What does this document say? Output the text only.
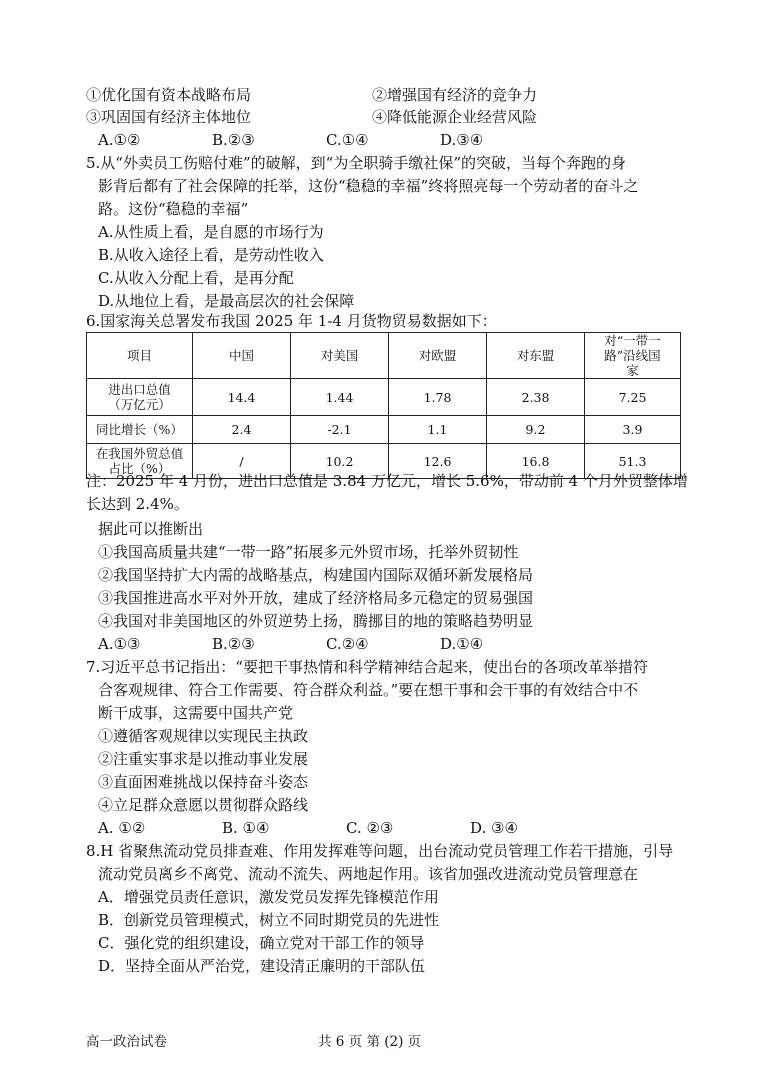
①优化国有资本战略布局	②增强国有经济的竞争力
③巩固国有经济主体地位	④降低能源企业经营风险
A.①②	B.②③	C.①④	D.③④
5.从“外卖员工伤赔付难”的破解，到“为全职骑手缴社保”的突破，当每个奔跑的身
影背后都有了社会保障的托举，这份“稳稳的幸福”终将照亮每一个劳动者的奋斗之
路。这份“稳稳的幸福”
A.从性质上看，是自愿的市场行为
B.从收入途径上看，是劳动性收入
C.从收入分配上看，是再分配
D.从地位上看，是最高层次的社会保障
6.国家海关总署发布我国 2025 年 1-4 月货物贸易数据如下：
项目	中国	对美国	对欧盟	对东盟	对“一带一路”沿线国家
进出口总值（万亿元）	14.4	1.44	1.78	2.38	7.25
同比增长（%）	2.4	-2.1	1.1	9.2	3.9
在我国外贸总值占比（%）	/	10.2	12.6	16.8	51.3
注：2025 年 4 月份，进出口总值是 3.84 万亿元，增长 5.6%，带动前 4 个月外贸整体增
长达到 2.4%。
据此可以推断出
①我国高质量共建“一带一路”拓展多元外贸市场，托举外贸韧性
②我国坚持扩大内需的战略基点，构建国内国际双循环新发展格局
③我国推进高水平对外开放，建成了经济格局多元稳定的贸易强国
④我国对非美国地区的外贸逆势上扬，腾挪目的地的策略趋势明显
A.①③	B.②③	C.②④	D.①④
7.习近平总书记指出：“要把干事热情和科学精神结合起来，使出台的各项改革举措符
合客观规律、符合工作需要、符合群众利益。”要在想干事和会干事的有效结合中不
断干成事，这需要中国共产党
①遵循客观规律以实现民主执政
②注重实事求是以推动事业发展
③直面困难挑战以保持奋斗姿态
④立足群众意愿以贯彻群众路线
A. ①②	B. ①④	C. ②③	D. ③④
8.H 省聚焦流动党员排查难、作用发挥难等问题，出台流动党员管理工作若干措施，引导
流动党员离乡不离党、流动不流失、两地起作用。该省加强改进流动党员管理意在
A．增强党员责任意识，激发党员发挥先锋模范作用
B．创新党员管理模式，树立不同时期党员的先进性
C．强化党的组织建设，确立党对干部工作的领导
D．坚持全面从严治党，建设清正廉明的干部队伍
高一政治试卷	共 6 页 第 (2) 页
